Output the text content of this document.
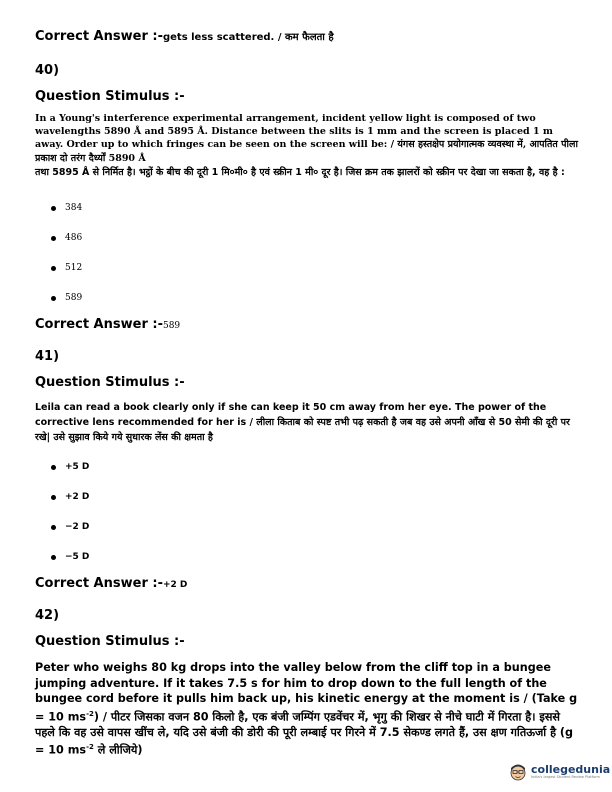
Correct Answer :-gets less scattered. / कम फैलता है
40)
Question Stimulus :-
In a Young's interference experimental arrangement, incident yellow light is composed of two wavelengths 5890 Å and 5895 Å. Distance between the slits is 1 mm and the screen is placed 1 m away. Order up to which fringes can be seen on the screen will be: / यंगस हस्तक्षेप प्रयोगात्मक व्यवस्था में, आपतित पीला प्रकाश दो तरंग दैर्ध्यों 5890 Å
तथा 5895 Å से निर्मित है। भट्ठों के बीच की दूरी 1 मि०मी० है एवं स्क्रीन 1 मी० दूर है। जिस क्रम तक झालरों को स्क्रीन पर देखा जा सकता है, वह है :
384
486
512
589
Correct Answer :-589
41)
Question Stimulus :-
Leila can read a book clearly only if she can keep it 50 cm away from her eye. The power of the corrective lens recommended for her is / लीला किताब को स्पष्ट तभी पढ़ सकती है जब वह उसे अपनी आँख से 50 सेमी की दूरी पर रखे| उसे सुझाव किये गये सुधारक लेंस की क्षमता है
+5 D
+2 D
−2 D
−5 D
Correct Answer :-+2 D
42)
Question Stimulus :-
Peter who weighs 80 kg drops into the valley below from the cliff top in a bungee jumping adventure. If it takes 7.5 s for him to drop down to the full length of the bungee cord before it pulls him back up, his kinetic energy at the moment is / (Take g = 10 $ms^{-2}$) / पीटर जिसका वजन 80 किलो है, एक बंजी जम्पिंग एडवेंचर में, भृगु की शिखर से नीचे घाटी में गिरता है। इससे पहले कि वह उसे वापस खींच ले, यदि उसे बंजी की डोरी की पूरी लम्बाई पर गिरने में 7.5 सेकण्ड लगते हैं, उस क्षण गतिऊर्जा है (g = 10 $ms^{-2}$ ले लीजिये)
collegedunia
India's largest Student Review Platform
